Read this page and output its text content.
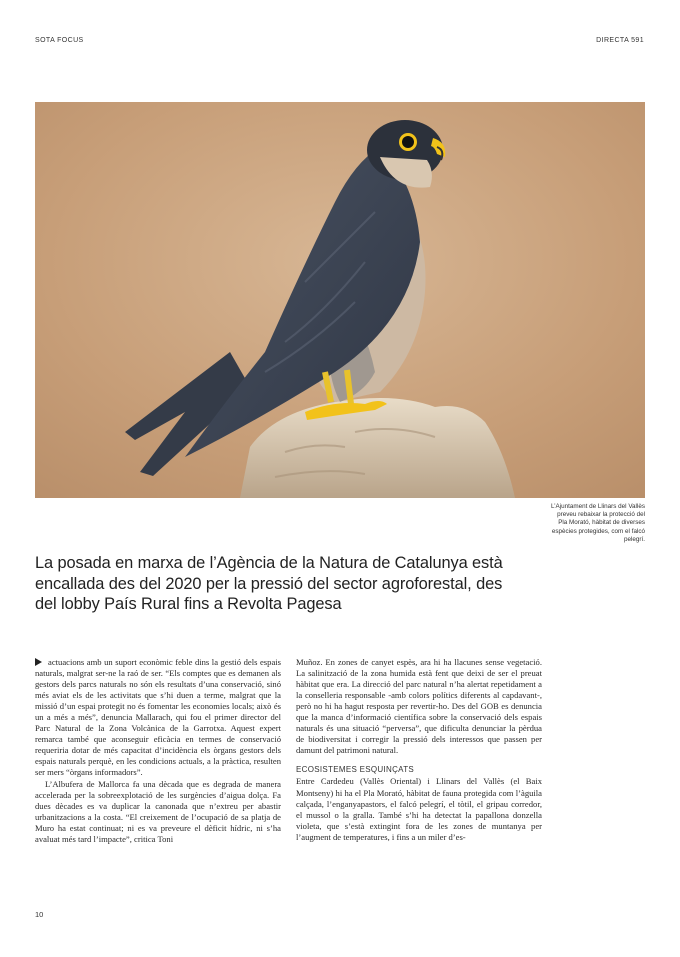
SOTA FOCUS	DIRECTA 591
L’Ajuntament de Llinars del Vallès preveu rebaixar la protecció del Pla Morató, hàbitat de diverses espècies protegides, com el falcó pelegrí.
La posada en marxa de l’Agència de la Natura de Catalunya està encallada des del 2020 per la pressió del sector agroforestal, des del lobby País Rural fins a Revolta Pagesa

actuacions amb un suport econòmic feble dins la gestió dels espais naturals, malgrat ser-ne la raó de ser. “Els comptes que es demanen als gestors dels parcs naturals no són els resultats d’una conservació, sinó més aviat els de les activitats que s’hi duen a terme, malgrat que la missió d’un espai protegit no és fomentar les economies locals; això és un a més a més”, denuncia Mallarach, qui fou el primer director del Parc Natural de la Zona Volcànica de la Garrotxa. Aquest expert remarca també que aconseguir eficàcia en termes de conservació requeriria dotar de més capacitat d’incidència els òrgans gestors dels espais naturals perquè, en les condicions actuals, a la pràctica, resulten ser mers “òrgans informadors”.

L’Albufera de Mallorca fa una dècada que es degrada de manera accelerada per la sobreexplotació de les surgències d’aigua dolça. Fa dues dècades es va duplicar la canonada que n’extreu per abastir urbanitzacions a la costa. “El creixement de l’ocupació de sa platja de Muro ha estat continuat; ni es va preveure el dèficit hídric, ni s’ha avaluat més tard l’impacte”, critica Toni

Muñoz. En zones de canyet espès, ara hi ha llacunes sense vegetació. La salinització de la zona humida està fent que deixi de ser el preuat hàbitat que era. La direcció del parc natural n’ha alertat repetidament a la conselleria responsable -amb colors polítics diferents al capdavant-, però no hi ha hagut resposta per revertir-ho. Des del GOB es denuncia que la manca d’informació científica sobre la conservació dels espais naturals és una situació “perversa”, que dificulta denunciar la pèrdua de biodiversitat i corregir la pressió dels interessos que passen per damunt del patrimoni natural.

ECOSISTEMES ESQUINÇATS

Entre Cardedeu (Vallès Oriental) i Llinars del Vallès (el Baix Montseny) hi ha el Pla Morató, hàbitat de fauna protegida com l’àguila calçada, l’enganyapastors, el falcó pelegrí, el tòtil, el gripau corredor, el mussol o la gralla. També s’hi ha detectat la papallona donzella violeta, que s’està extingint fora de les zones de muntanya per l’augment de temperatures, i fins a un miler d’es-

10
